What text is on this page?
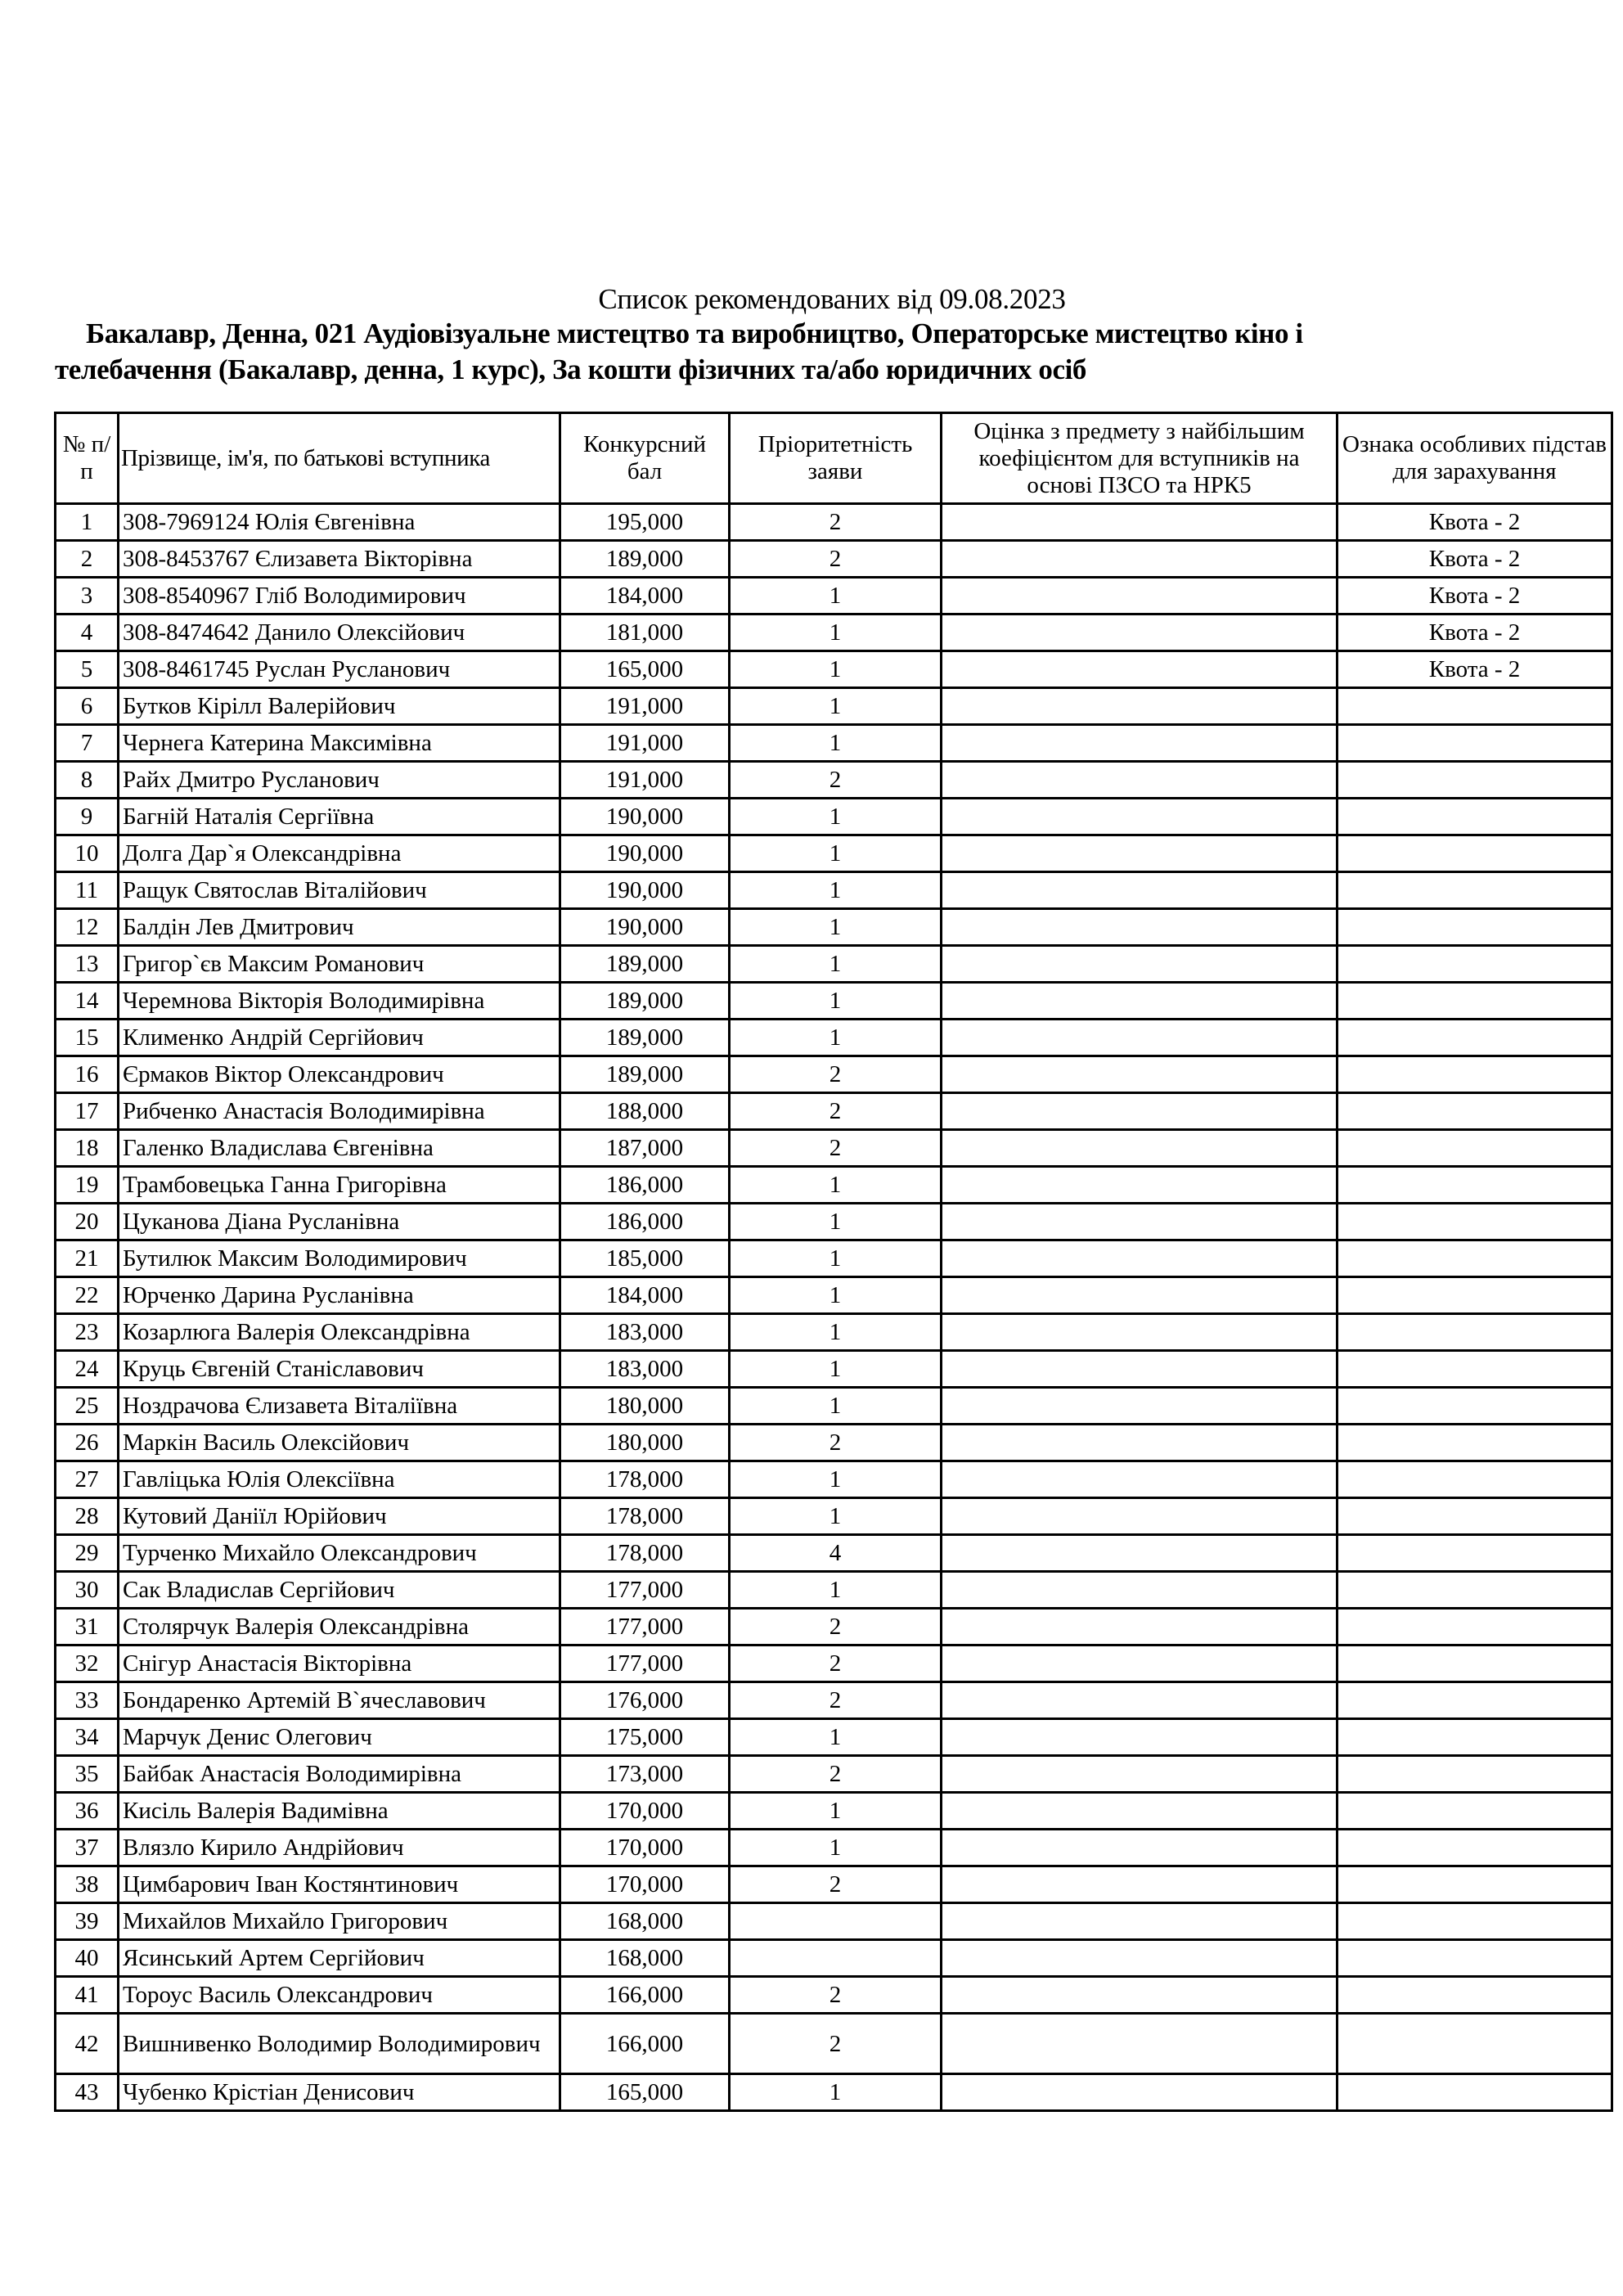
Список рекомендованих від 09.08.2023
Бакалавр, Денна, 021 Аудіовізуальне мистецтво та виробництво, Операторське мистецтво кіно і
телебачення (Бакалавр, денна, 1 курс), За кошти фізичних та/або юридичних осіб
№ п/п	Прізвище, ім'я, по батькові вступника	Конкурсний бал	Пріоритетність заяви	Оцінка з предмету з найбільшим коефіцієнтом для вступників на основі ПЗСО та НРК5	Ознака особливих підстав для зарахування
1	308-7969124 Юлія Євгенівна	195,000	2		Квота - 2
2	308-8453767 Єлизавета Вікторівна	189,000	2		Квота - 2
3	308-8540967 Гліб Володимирович	184,000	1		Квота - 2
4	308-8474642 Данило Олексійович	181,000	1		Квота - 2
5	308-8461745 Руслан Русланович	165,000	1		Квота - 2
6	Бутков Кірілл Валерійович	191,000	1		
7	Чернега Катерина Максимівна	191,000	1		
8	Райх Дмитро Русланович	191,000	2		
9	Багній Наталія Сергіївна	190,000	1		
10	Долга Дар`я Олександрівна	190,000	1		
11	Ращук Святослав Віталійович	190,000	1		
12	Балдін Лев Дмитрович	190,000	1		
13	Григор`єв Максим Романович	189,000	1		
14	Черемнова Вікторія Володимирівна	189,000	1		
15	Клименко Андрій Сергійович	189,000	1		
16	Єрмаков Віктор Олександрович	189,000	2		
17	Рибченко Анастасія Володимирівна	188,000	2		
18	Галенко Владислава Євгенівна	187,000	2		
19	Трамбовецька Ганна Григорівна	186,000	1		
20	Цуканова Діана Русланівна	186,000	1		
21	Бутилюк Максим Володимирович	185,000	1		
22	Юрченко Дарина Русланівна	184,000	1		
23	Козарлюга Валерія Олександрівна	183,000	1		
24	Круць Євгеній Станіславович	183,000	1		
25	Ноздрачова Єлизавета Віталіївна	180,000	1		
26	Маркін Василь Олексійович	180,000	2		
27	Гавліцька Юлія Олексіївна	178,000	1		
28	Кутовий Даніїл Юрійович	178,000	1		
29	Турченко Михайло Олександрович	178,000	4		
30	Сак Владислав Сергійович	177,000	1		
31	Столярчук Валерія Олександрівна	177,000	2		
32	Снігур Анастасія Вікторівна	177,000	2		
33	Бондаренко Артемій В`ячеславович	176,000	2		
34	Марчук Денис Олегович	175,000	1		
35	Байбак Анастасія Володимирівна	173,000	2		
36	Кисіль Валерія Вадимівна	170,000	1		
37	Влязло Кирило Андрійович	170,000	1		
38	Цимбарович Іван Костянтинович	170,000	2		
39	Михайлов Михайло Григорович	168,000			
40	Ясинський Артем Сергійович	168,000			
41	Тороус Василь Олександрович	166,000	2		
42	Вишнивенко Володимир Володимирович	166,000	2		
43	Чубенко Крістіан Денисович	165,000	1		
